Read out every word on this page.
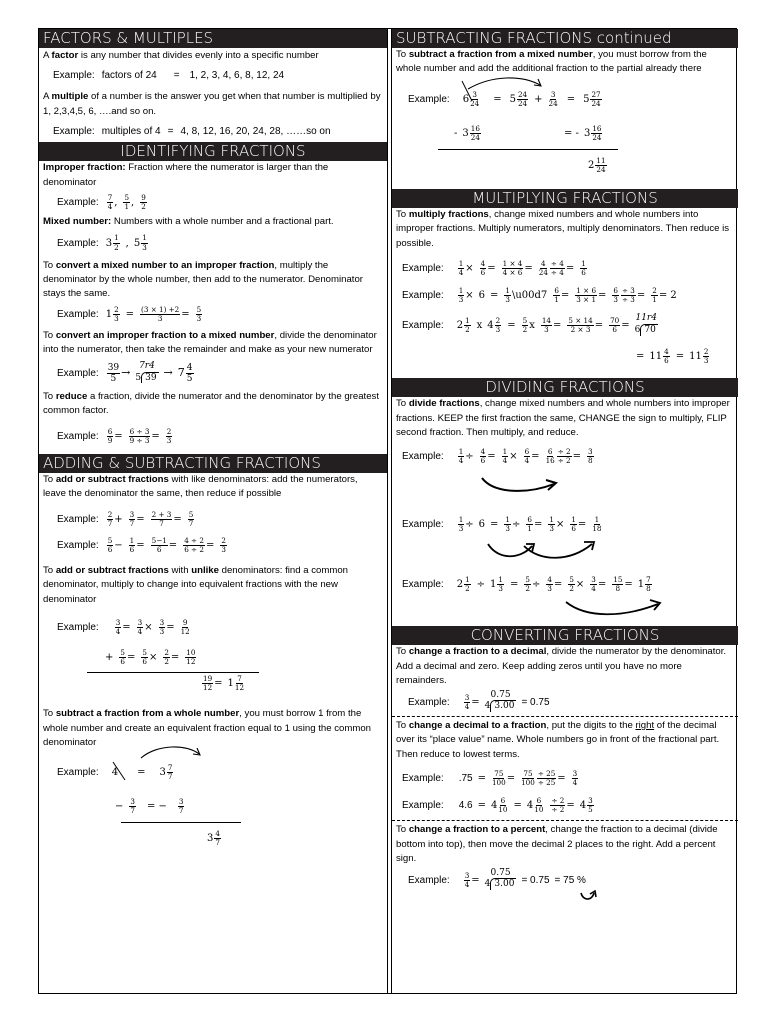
FACTORS & MULTIPLES
A factor is any number that divides evenly into a specific number
Example: factors of 24 = 1, 2, 3, 4, 6, 8, 12, 24
A multiple of a number is the answer you get when that number is multiplied by 1, 2,3,4,5, 6, ….and so on.
Example: multiples of 4 = 4, 8, 12, 16, 20, 24, 28, ……so on
IDENTIFYING FRACTIONS
Improper fraction: Fraction where the numerator is larger than the denominator
Example: 7
4 , 5
1 , 9
2
Mixed number: Numbers with a whole number and a fractional part.
Example: 3 1
2 , 5 1
3
To convert a mixed number to an improper fraction, multiply the denominator by the whole number, then add to the numerator. Denominator stays the same.
Example: 1 2
$3 = \frac{(3 \times 1) +2}{3} = \frac{5}{3}$
To convert an improper fraction to a mixed number, divide the denominator into the numerator, then take the remainder and make as your new numerator
Example:
39
5 →
7r4
5 39 → 7 4
5
To reduce a fraction, divide the numerator and the denominator by the greatest common factor.
Example: $\frac{6}{9} = \frac{6 \div 3}{9 \div 3} = \frac{2}{3}$
ADDING & SUBTRACTING FRACTIONS
To add or subtract fractions with like denominators: add the numerators, leave the denominator the same, then reduce if possible
Example: 2
$7 + \frac{3}{7} = \frac{2 + 3}{7} = \frac{5}{7}$
Example: 5
$6 - \frac{1}{6} = \frac{5-1}{6} = \frac{4 \div 2}{6 \div 2} = \frac{2}{3}$
To add or subtract fractions with unlike denominators: find a common denominator, multiply to change into equivalent fractions with the new denominator
Example: $\frac{3}{4} = \frac{3}{4} \times \frac{3}{3} = \frac{9}{12}$
+ $\frac{5}{6} = \frac{5}{6} \times \frac{2}{2} = \frac{10}{12}$
$\frac{19}{12} = 1$ 7
12
To subtract a fraction from a whole number, you must borrow 1 from the whole number and create an equivalent fraction equal to 1 using the common denominator
Example: 4 = 3 7
7
− $\frac{3}{7}$ = − $\frac{3}{7}$
3 4
7
SUBTRACTING FRACTIONS continued
To subtract a fraction from a mixed number, you must borrow from the whole number and add the additional fraction to the partial already there
Example: 6 3
24 = 5 24
$24 + \frac{3}{24} = 5$ 27
24
- 3 16
24	= - 3 16
24
2 11
24
MULTIPLYING FRACTIONS
To multiply fractions, change mixed numbers and whole numbers into improper fractions. Multiply numerators, multiply denominators. Then reduce is possible.
Example: $\frac{1}{4} \times \frac{4}{6} = \frac{1 \times 4}{4 \times 6} = \frac{4}{24} \frac{\div 4}{\div 4} = \frac{1}{6}$
Example: $\frac{1}{3} \times 6 = \frac{1}{3}$ \u00d7 $\frac{6}{1} = \frac{1 \times 6}{3 \times 1} = \frac{6}{3} \frac{\div 3}{\div 3} = \frac{2}{1} = 2$
Example: 2 1
2 x 4 2
$3 = \frac{5}{2}$ x $\frac{14}{3} = \frac{5 \times 14}{2 \times 3} = \frac{70}{6}$ =
11r4
6 70
= 11 4
6 = 11 2
3
DIVIDING FRACTIONS
To divide fractions, change mixed numbers and whole numbers into improper fractions. KEEP the first fraction the same, CHANGE the sign to multiply, FLIP second fraction. Then multiply, and reduce.
Example: $\frac{1}{4} \div \frac{4}{6} = \frac{1}{4} \times \frac{6}{4} = \frac{6}{16} \frac{\div 2}{\div 2} = \frac{3}{8}$
Example: $\frac{1}{3} \div 6 = \frac{1}{3} \div \frac{6}{1} = \frac{1}{3} \times \frac{1}{6} = \frac{1}{18}$
Example: 2 1
2 ÷ 1 1
$3 = \frac{5}{2} \div \frac{4}{3} = \frac{5}{2} \times \frac{3}{4} = \frac{15}{8} = 1$ 7
8
CONVERTING FRACTIONS
To change a fraction to a decimal, divide the numerator by the denominator. Add a decimal and zero. Keep adding zeros until you have no more remainders.
Example: $\frac{3}{4}$ =
0.75
4 3.00 = 0.75
To change a decimal to a fraction, put the digits to the right of the decimal over its “place value” name. Whole numbers go in front of the fractional part. Then reduce to lowest terms.
Example: $.75 = \frac{75}{100} = \frac{75}{100} \frac{\div 25}{\div 25} = \frac{3}{4}$
Example: 4.6 = 4 6
10 = 4 6
$10 \frac{\div 2}{\div 2} = 4$ 3
5
To change a fraction to a percent, change the fraction to a decimal (divide bottom into top), then move the decimal 2 places to the right. Add a percent sign.
Example: $\frac{3}{4}$ =
0.75
4 3.00 = 0.75 = 75 %
